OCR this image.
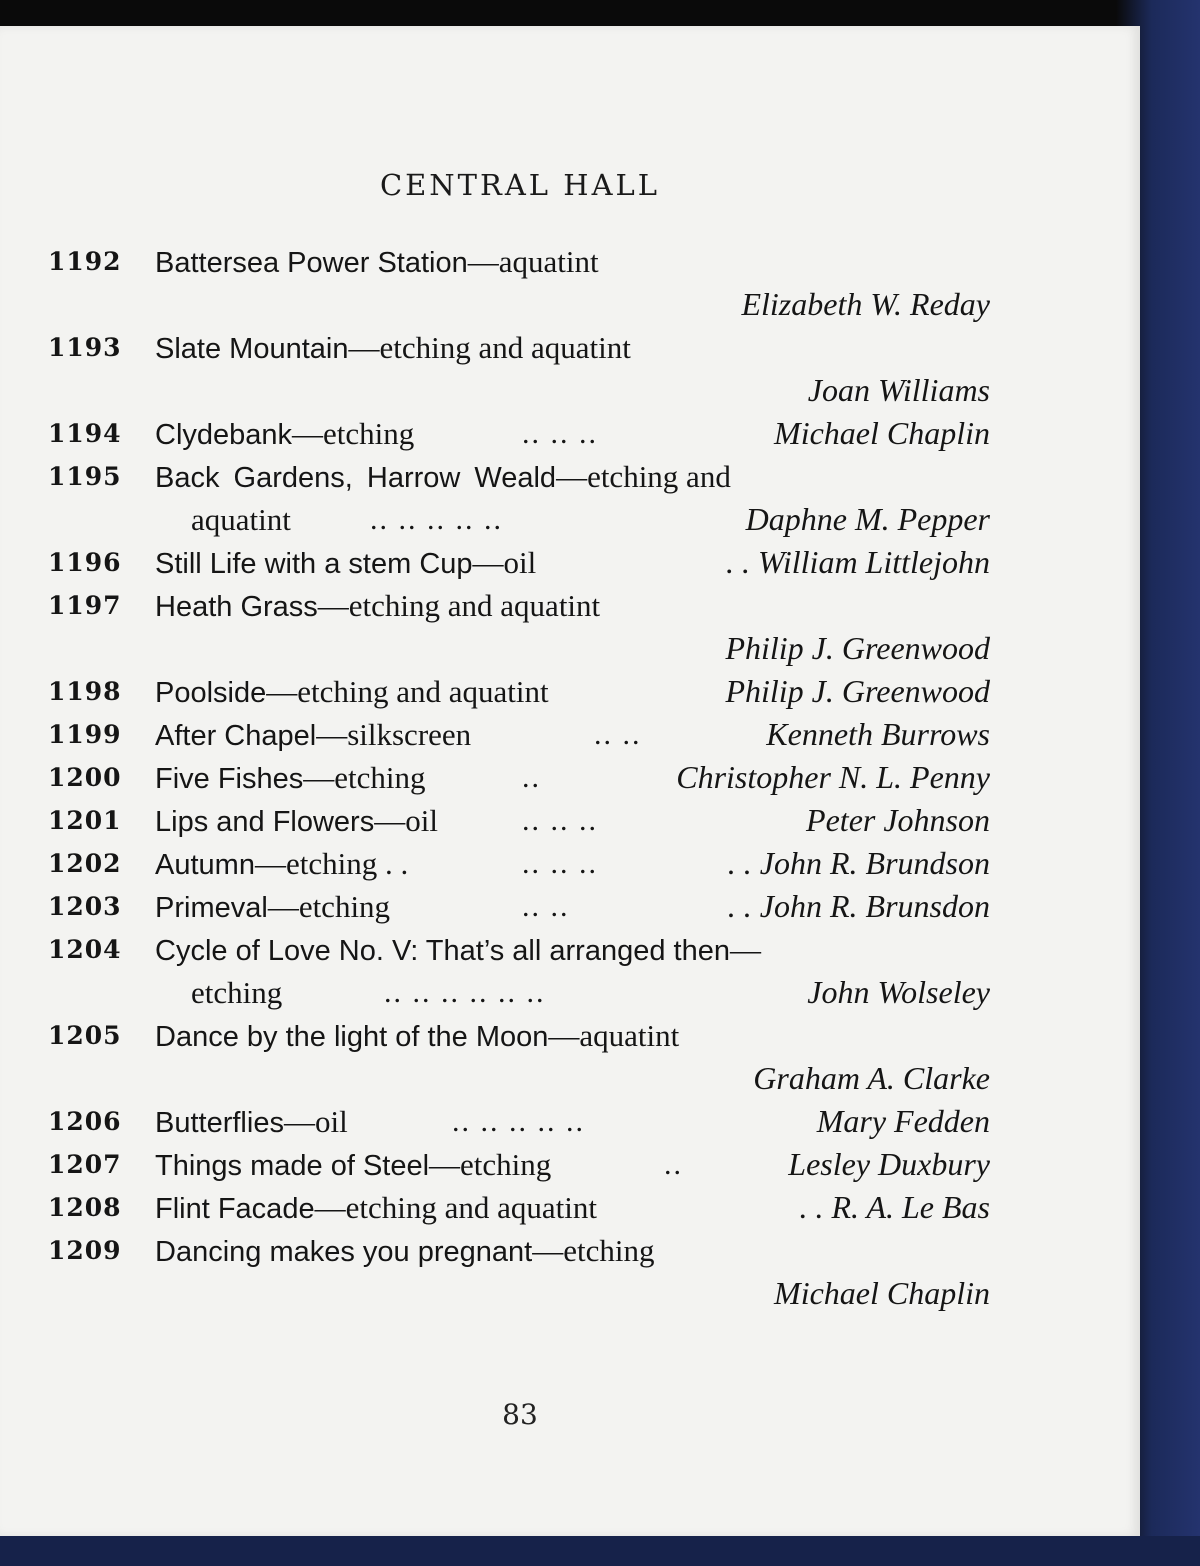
CENTRAL HALL
1192	Battersea Power Station—aquatint
Elizabeth W. Reday
1193	Slate Mountain—etching and aquatint
Joan Williams
1194	Clydebank—etching	.. .. ..	Michael Chaplin
1195	Back Gardens, Harrow Weald—etching and
aquatint	.. .. .. .. ..	Daphne M. Pepper
1196	Still Life with a stem Cup—oil	. . William Littlejohn
1197	Heath Grass—etching and aquatint
Philip J. Greenwood
1198	Poolside—etching and aquatint	Philip J. Greenwood
1199	After Chapel—silkscreen	.. ..	Kenneth Burrows
1200	Five Fishes—etching	..	Christopher N. L. Penny
1201	Lips and Flowers—oil	.. .. ..	Peter Johnson
1202	Autumn—etching . .	.. .. ..	. . John R. Brundson
1203	Primeval—etching	.. ..	. . John R. Brunsdon
1204	Cycle of Love No. V: That’s all arranged then—
etching	.. .. .. .. .. ..	John Wolseley
1205	Dance by the light of the Moon—aquatint
Graham A. Clarke
1206	Butterflies—oil	.. .. .. .. ..	Mary Fedden
1207	Things made of Steel—etching	..	Lesley Duxbury
1208	Flint Facade—etching and aquatint	. . R. A. Le Bas
1209	Dancing makes you pregnant—etching
Michael Chaplin
83
